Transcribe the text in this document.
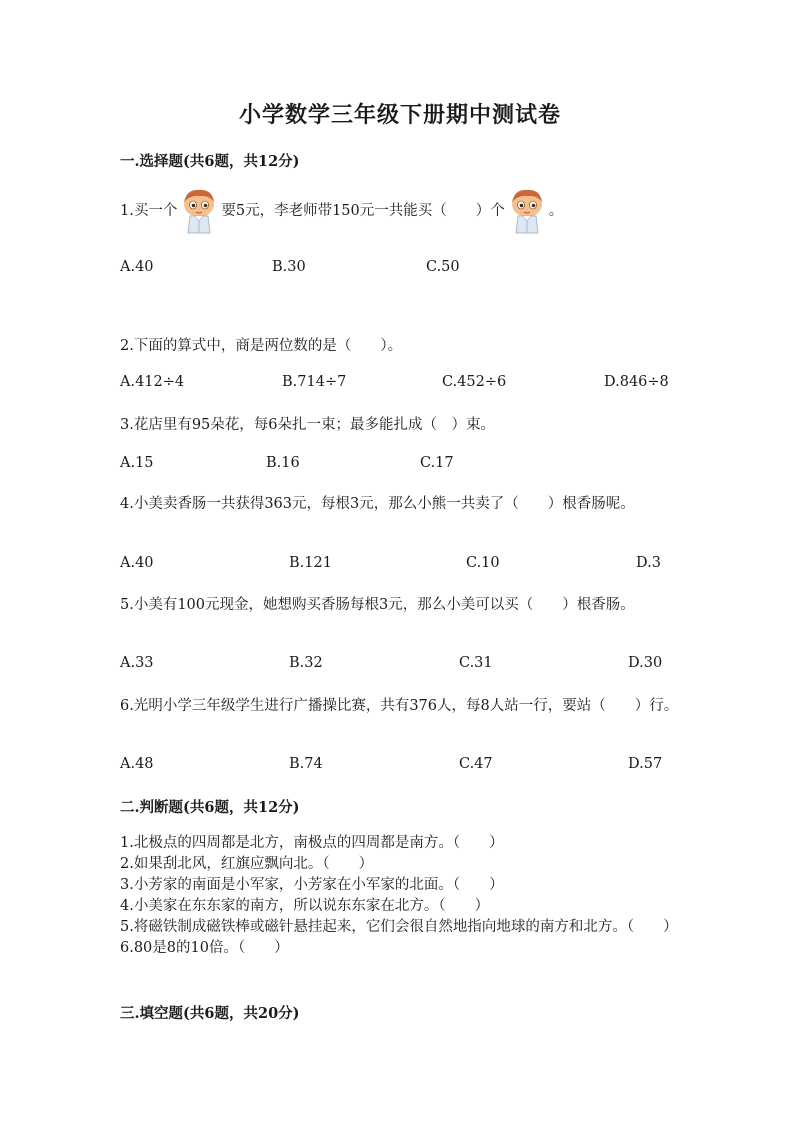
小学数学三年级下册期中测试卷
一.选择题(共6题，共12分)
1.买一个	要5元，李老师带150元一共能买（　　）个	。
A.40	B.30	C.50
2.下面的算式中，商是两位数的是（　　）。
A.412÷4	B.714÷7	C.452÷6	D.846÷8
3.花店里有95朵花，每6朵扎一束；最多能扎成（　）束。
A.15	B.16	C.17
4.小美卖香肠一共获得363元，每根3元，那么小熊一共卖了（　　）根香肠呢。
A.40	B.121	C.10	D.3
5.小美有100元现金，她想购买香肠每根3元，那么小美可以买（　　）根香肠。
A.33	B.32	C.31	D.30
6.光明小学三年级学生进行广播操比赛，共有376人，每8人站一行，要站（　　）行。
A.48	B.74	C.47	D.57
二.判断题(共6题，共12分)
1.北极点的四周都是北方，南极点的四周都是南方。（　　）
2.如果刮北风，红旗应飘向北。（　　）
3.小芳家的南面是小军家，小芳家在小军家的北面。（　　）
4.小美家在东东家的南方，所以说东东家在北方。（　　）
5.将磁铁制成磁铁棒或磁针悬挂起来，它们会很自然地指向地球的南方和北方。（　　）
6.80是8的10倍。（　　）
三.填空题(共6题，共20分)
